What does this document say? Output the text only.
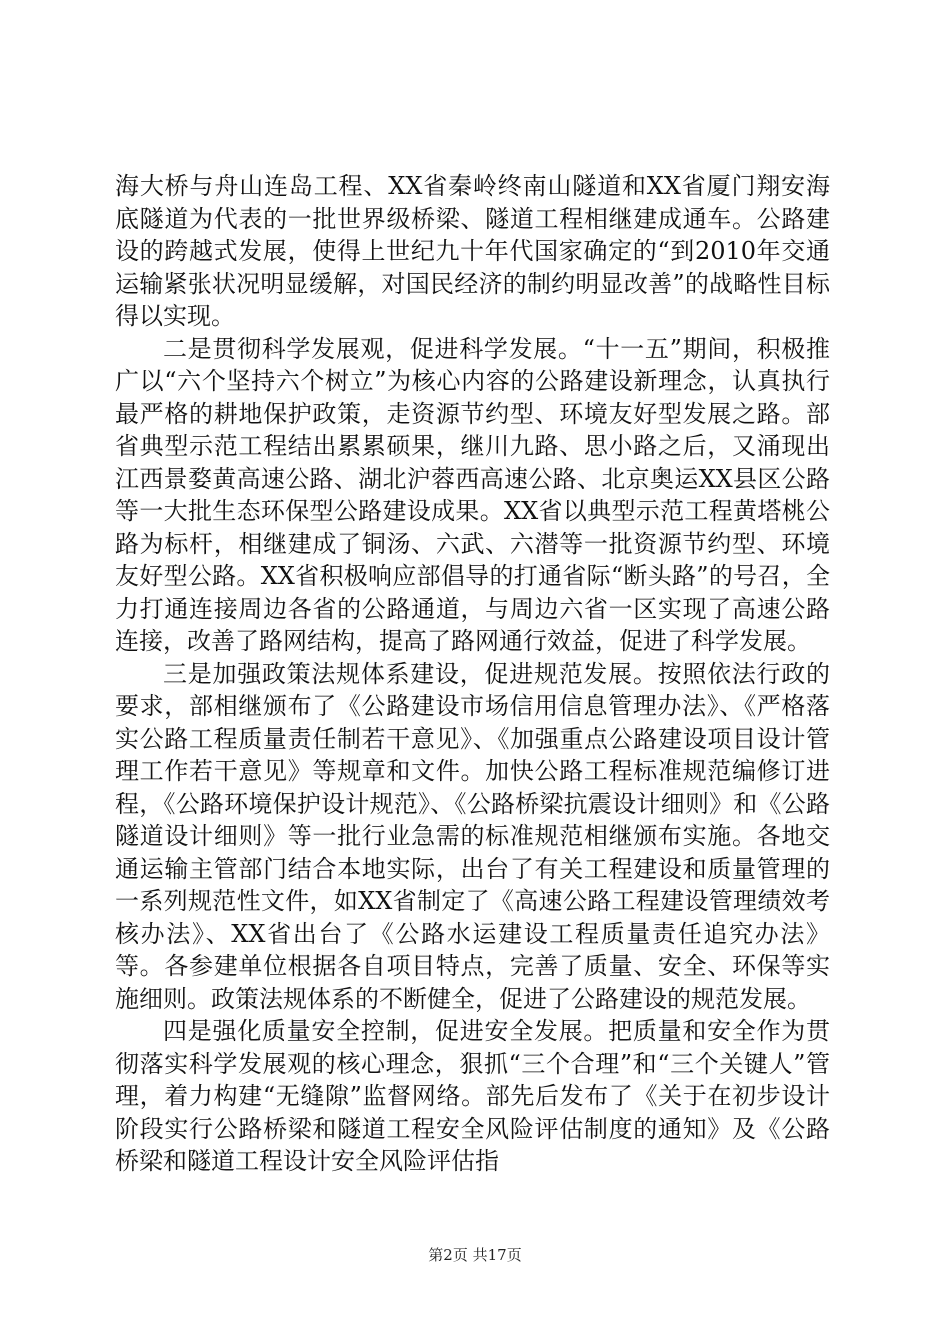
海大桥与舟山连岛工程、XX省秦岭终南山隧道和XX省厦门翔安海底隧道为代表的一批世界级桥梁、隧道工程相继建成通车。公路建设的跨越式发展，使得上世纪九十年代国家确定的“到2010年交通运输紧张状况明显缓解，对国民经济的制约明显改善”的战略性目标得以实现。

二是贯彻科学发展观，促进科学发展。“十一五”期间，积极推广以“六个坚持六个树立”为核心内容的公路建设新理念，认真执行最严格的耕地保护政策，走资源节约型、环境友好型发展之路。部省典型示范工程结出累累硕果，继川九路、思小路之后，又涌现出江西景婺黄高速公路、湖北沪蓉西高速公路、北京奥运XX县区公路等一大批生态环保型公路建设成果。XX省以典型示范工程黄塔桃公路为标杆，相继建成了铜汤、六武、六潜等一批资源节约型、环境友好型公路。XX省积极响应部倡导的打通省际“断头路”的号召，全力打通连接周边各省的公路通道，与周边六省一区实现了高速公路连接，改善了路网结构，提高了路网通行效益，促进了科学发展。

三是加强政策法规体系建设，促进规范发展。按照依法行政的要求，部相继颁布了《公路建设市场信用信息管理办法》、《严格落实公路工程质量责任制若干意见》、《加强重点公路建设项目设计管理工作若干意见》等规章和文件。加快公路工程标准规范编修订进程，《公路环境保护设计规范》、《公路桥梁抗震设计细则》和《公路隧道设计细则》等一批行业急需的标准规范相继颁布实施。各地交通运输主管部门结合本地实际，出台了有关工程建设和质量管理的一系列规范性文件，如XX省制定了《高速公路工程建设管理绩效考核办法》、XX省出台了《公路水运建设工程质量责任追究办法》等。各参建单位根据各自项目特点，完善了质量、安全、环保等实施细则。政策法规体系的不断健全，促进了公路建设的规范发展。

四是强化质量安全控制，促进安全发展。把质量和安全作为贯彻落实科学发展观的核心理念，狠抓“三个合理”和“三个关键人”管理，着力构建“无缝隙”监督网络。部先后发布了《关于在初步设计阶段实行公路桥梁和隧道工程安全风险评估制度的通知》及《公路桥梁和隧道工程设计安全风险评估指

第2页 共17页
